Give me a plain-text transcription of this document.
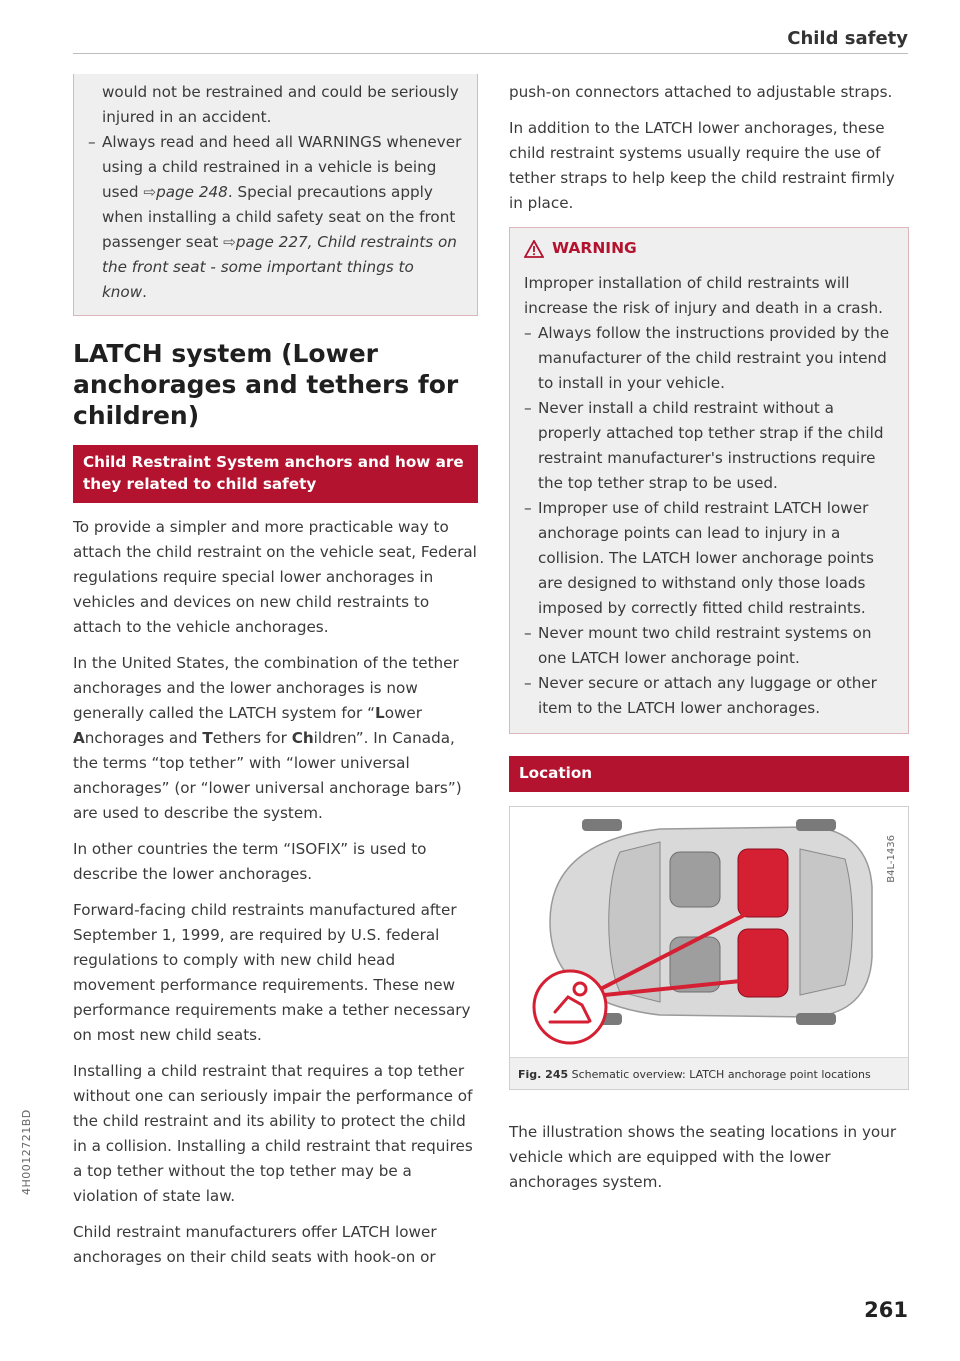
Child safety
4H0012721BD

would not be restrained and could be seriously injured in an accident.

– Always read and heed all WARNINGS whenever using a child restrained in a vehicle is being used ⇨page 248. Special precautions apply when installing a child safety seat on the front passenger seat ⇨page 227, Child restraints on the front seat - some important things to know.
LATCH system (Lower anchorages and tethers for children)
Child Restraint System anchors and how are they related to child safety

To provide a simpler and more practicable way to attach the child restraint on the vehicle seat, Federal regulations require special lower anchorages in vehicles and devices on new child restraints to attach to the vehicle anchorages.

In the United States, the combination of the tether anchorages and the lower anchorages is now generally called the LATCH system for “Lower Anchorages and Tethers for Children”. In Canada, the terms “top tether” with “lower universal anchorages” (or “lower universal anchorage bars”) are used to describe the system.

In other countries the term “ISOFIX” is used to describe the lower anchorages.

Forward-facing child restraints manufactured after September 1, 1999, are required by U.S. federal regulations to comply with new child head movement performance requirements. These new performance requirements make a tether necessary on most new child seats.

Installing a child restraint that requires a top tether without one can seriously impair the performance of the child restraint and its ability to protect the child in a collision. Installing a child restraint that requires a top tether without the top tether may be a violation of state law.

Child restraint manufacturers offer LATCH lower anchorages on their child seats with hook-on or

push-on connectors attached to adjustable straps.

In addition to the LATCH lower anchorages, these child restraint systems usually require the use of tether straps to help keep the child restraint firmly in place.

WARNING

Improper installation of child restraints will increase the risk of injury and death in a crash.

– Always follow the instructions provided by the manufacturer of the child restraint you intend to install in your vehicle.
– Never install a child restraint without a properly attached top tether strap if the child restraint manufacturer's instructions require the top tether strap to be used.
– Improper use of child restraint LATCH lower anchorage points can lead to injury in a collision. The LATCH lower anchorage points are designed to withstand only those loads imposed by correctly fitted child restraints.
– Never mount two child restraint systems on one LATCH lower anchorage point.
– Never secure or attach any luggage or other item to the LATCH lower anchorages.
Location
B4L-1436
Fig. 245 Schematic overview: LATCH anchorage point locations

The illustration shows the seating locations in your vehicle which are equipped with the lower anchorages system.

261
